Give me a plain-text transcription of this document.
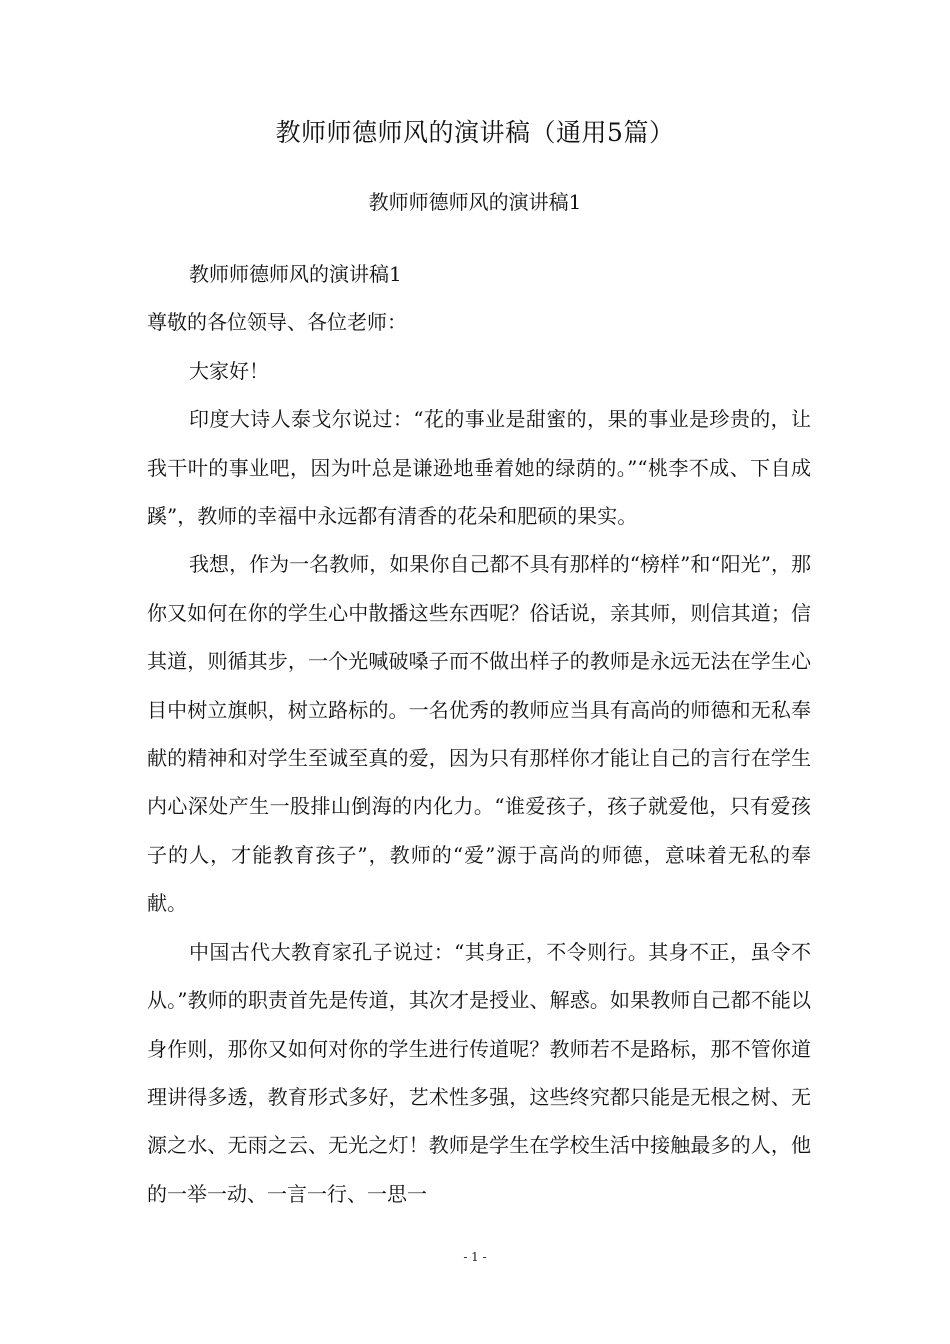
教师师德师风的演讲稿（通用5篇）
教师师德师风的演讲稿1

教师师德师风的演讲稿1

尊敬的各位领导、各位老师：

大家好！

印度大诗人泰戈尔说过：“花的事业是甜蜜的，果的事业是珍贵的，让我干叶的事业吧，因为叶总是谦逊地垂着她的绿荫的。”“桃李不成、下自成蹊”，教师的幸福中永远都有清香的花朵和肥硕的果实。

我想，作为一名教师，如果你自己都不具有那样的“榜样”和“阳光”，那你又如何在你的学生心中散播这些东西呢？俗话说，亲其师，则信其道；信其道，则循其步，一个光喊破嗓子而不做出样子的教师是永远无法在学生心目中树立旗帜，树立路标的。一名优秀的教师应当具有高尚的师德和无私奉献的精神和对学生至诚至真的爱，因为只有那样你才能让自己的言行在学生内心深处产生一股排山倒海的内化力。“谁爱孩子，孩子就爱他，只有爱孩子的人，才能教育孩子”，教师的“爱”源于高尚的师德，意味着无私的奉献。

中国古代大教育家孔子说过：“其身正，不令则行。其身不正，虽令不从。”教师的职责首先是传道，其次才是授业、解惑。如果教师自己都不能以身作则，那你又如何对你的学生进行传道呢？教师若不是路标，那不管你道理讲得多透，教育形式多好，艺术性多强，这些终究都只能是无根之树、无源之水、无雨之云、无光之灯！教师是学生在学校生活中接触最多的人，他的一举一动、一言一行、一思一

- 1 -
